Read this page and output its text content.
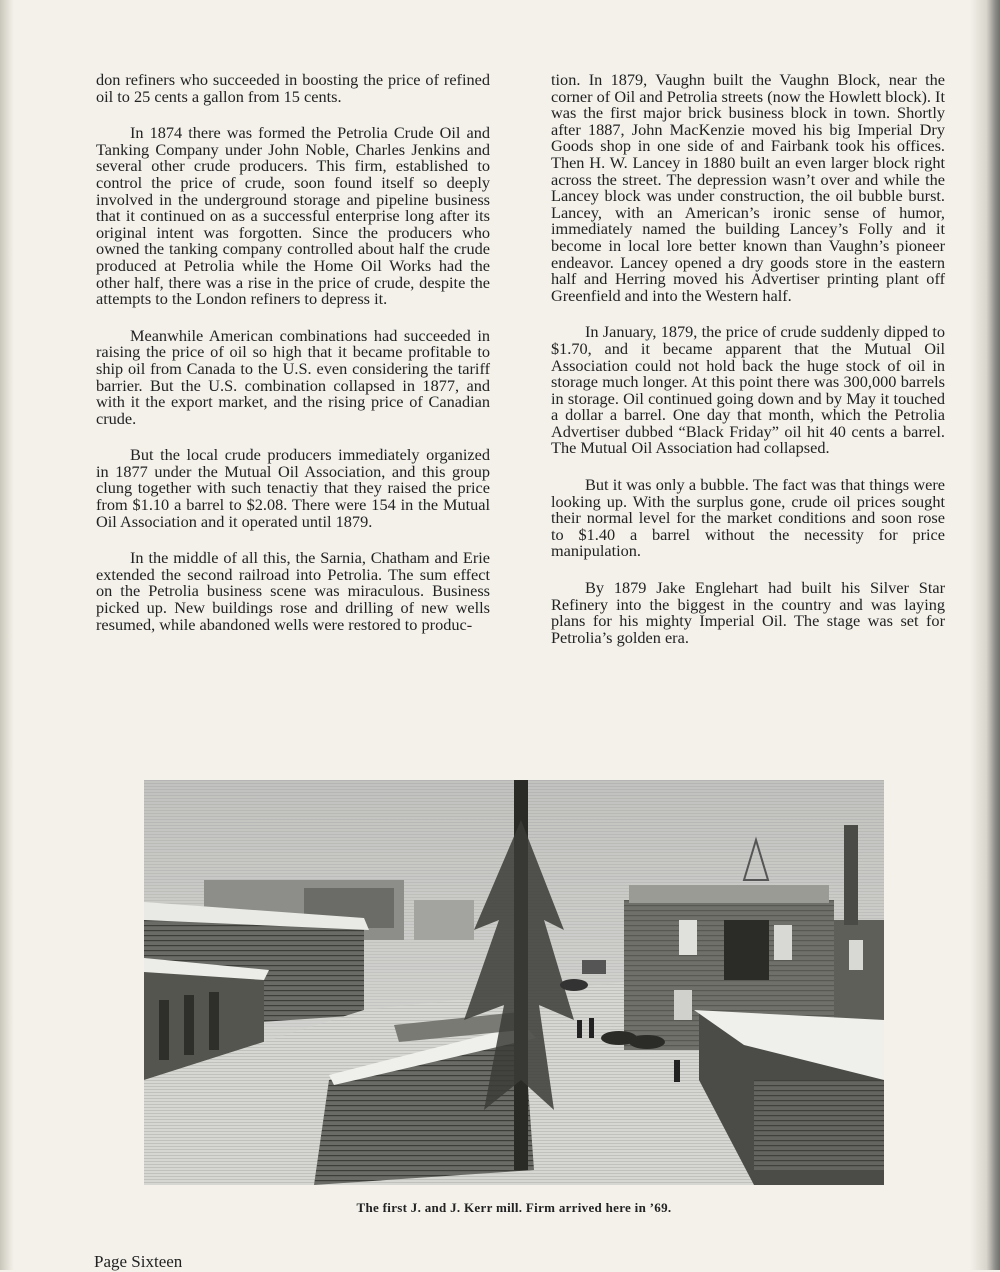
don refiners who succeeded in boosting the price of refined oil to 25 cents a gallon from 15 cents.

In 1874 there was formed the Petrolia Crude Oil and Tanking Company under John Noble, Charles Jenkins and several other crude producers. This firm, established to control the price of crude, soon found itself so deeply involved in the underground storage and pipeline business that it continued on as a successful enterprise long after its original intent was forgotten. Since the producers who owned the tanking company controlled about half the crude produced at Petrolia while the Home Oil Works had the other half, there was a rise in the price of crude, despite the attempts to the London refiners to depress it.

Meanwhile American combinations had succeeded in raising the price of oil so high that it became profitable to ship oil from Canada to the U.S. even considering the tariff barrier. But the U.S. combination collapsed in 1877, and with it the export market, and the rising price of Canadian crude.

But the local crude producers immediately organized in 1877 under the Mutual Oil Association, and this group clung together with such tenactiy that they raised the price from $1.10 a barrel to $2.08. There were 154 in the Mutual Oil Association and it operated until 1879.

In the middle of all this, the Sarnia, Chatham and Erie extended the second railroad into Petrolia. The sum effect on the Petrolia business scene was miraculous. Business picked up. New buildings rose and drilling of new wells resumed, while abandoned wells were restored to produc-

tion. In 1879, Vaughn built the Vaughn Block, near the corner of Oil and Petrolia streets (now the Howlett block). It was the first major brick business block in town. Shortly after 1887, John MacKenzie moved his big Imperial Dry Goods shop in one side of and Fairbank took his offices. Then H. W. Lancey in 1880 built an even larger block right across the street. The depression wasn’t over and while the Lancey block was under construction, the oil bubble burst. Lancey, with an American’s ironic sense of humor, immediately named the building Lancey’s Folly and it become in local lore better known than Vaughn’s pioneer endeavor. Lancey opened a dry goods store in the eastern half and Herring moved his Advertiser printing plant off Greenfield and into the Western half.

In January, 1879, the price of crude suddenly dipped to $1.70, and it became apparent that the Mutual Oil Association could not hold back the huge stock of oil in storage much longer. At this point there was 300,000 barrels in storage. Oil continued going down and by May it touched a dollar a barrel. One day that month, which the Petrolia Advertiser dubbed “Black Friday” oil hit 40 cents a barrel. The Mutual Oil Association had collapsed.

But it was only a bubble. The fact was that things were looking up. With the surplus gone, crude oil prices sought their normal level for the market conditions and soon rose to $1.40 a barrel without the necessity for price manipulation.

By 1879 Jake Englehart had built his Silver Star Refinery into the biggest in the country and was laying plans for his mighty Imperial Oil. The stage was set for Petrolia’s golden era.

The first J. and J. Kerr mill. Firm arrived here in ’69.
Page Sixteen
